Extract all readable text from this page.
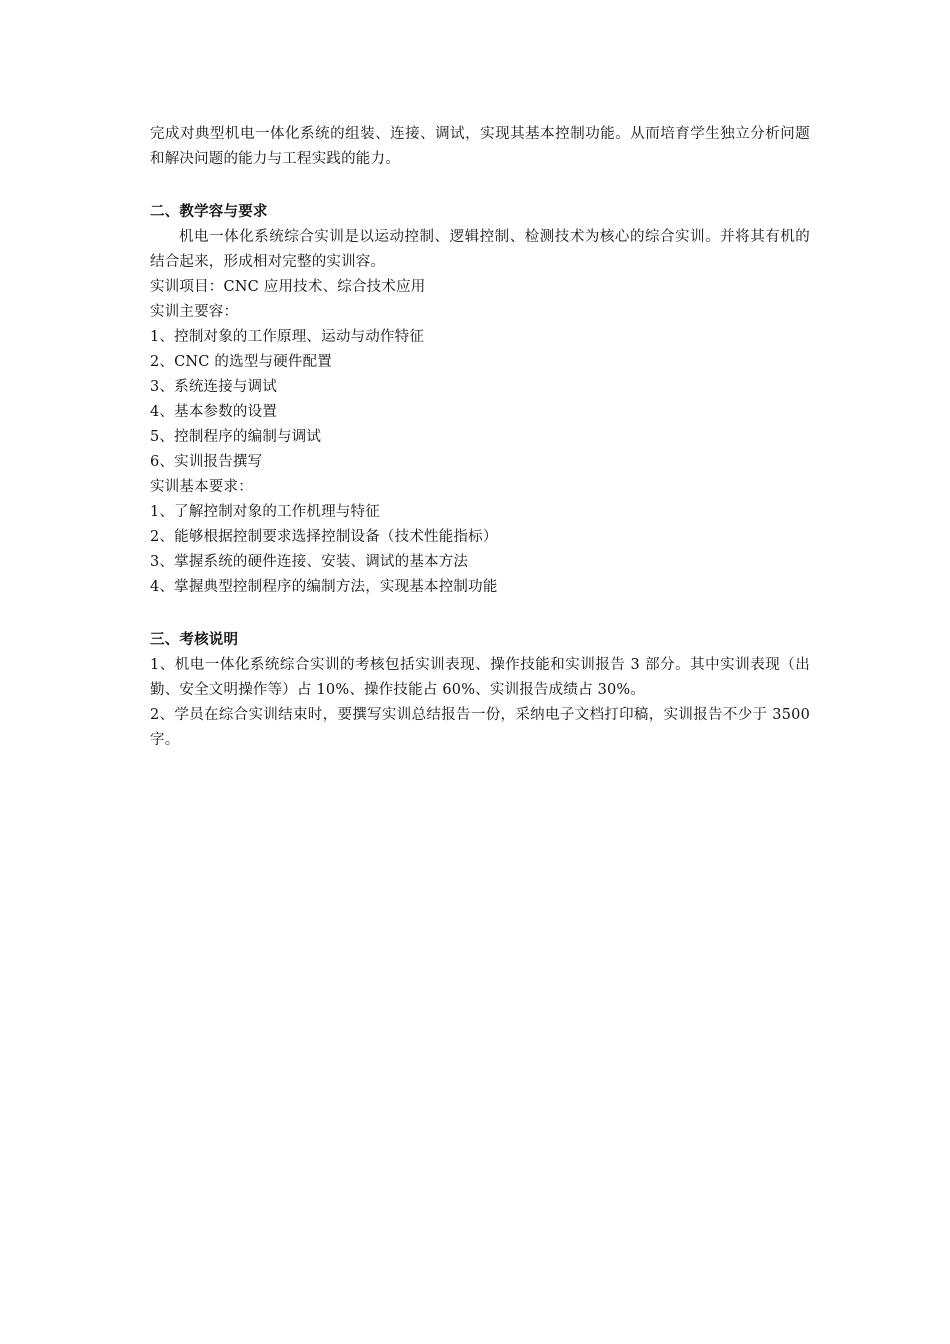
完成对典型机电一体化系统的组装、连接、调试，实现其基本控制功能。从而培育学生独立分析问题和解决问题的能力与工程实践的能力。

二、教学容与要求

机电一体化系统综合实训是以运动控制、逻辑控制、检测技术为核心的综合实训。并将其有机的结合起来，形成相对完整的实训容。

实训项目：CNC 应用技术、综合技术应用

实训主要容：

1、控制对象的工作原理、运动与动作特征

2、CNC 的选型与硬件配置

3、系统连接与调试

4、基本参数的设置

5、控制程序的编制与调试

6、实训报告撰写

实训基本要求：

1、了解控制对象的工作机理与特征

2、能够根据控制要求选择控制设备（技术性能指标）

3、掌握系统的硬件连接、安装、调试的基本方法

4、掌握典型控制程序的编制方法，实现基本控制功能

三、考核说明

1、机电一体化系统综合实训的考核包括实训表现、操作技能和实训报告 3 部分。其中实训表现（出勤、安全文明操作等）占 10%、操作技能占 60%、实训报告成绩占 30%。

2、学员在综合实训结束时，要撰写实训总结报告一份，采纳电子文档打印稿，实训报告不少于 3500 字。
